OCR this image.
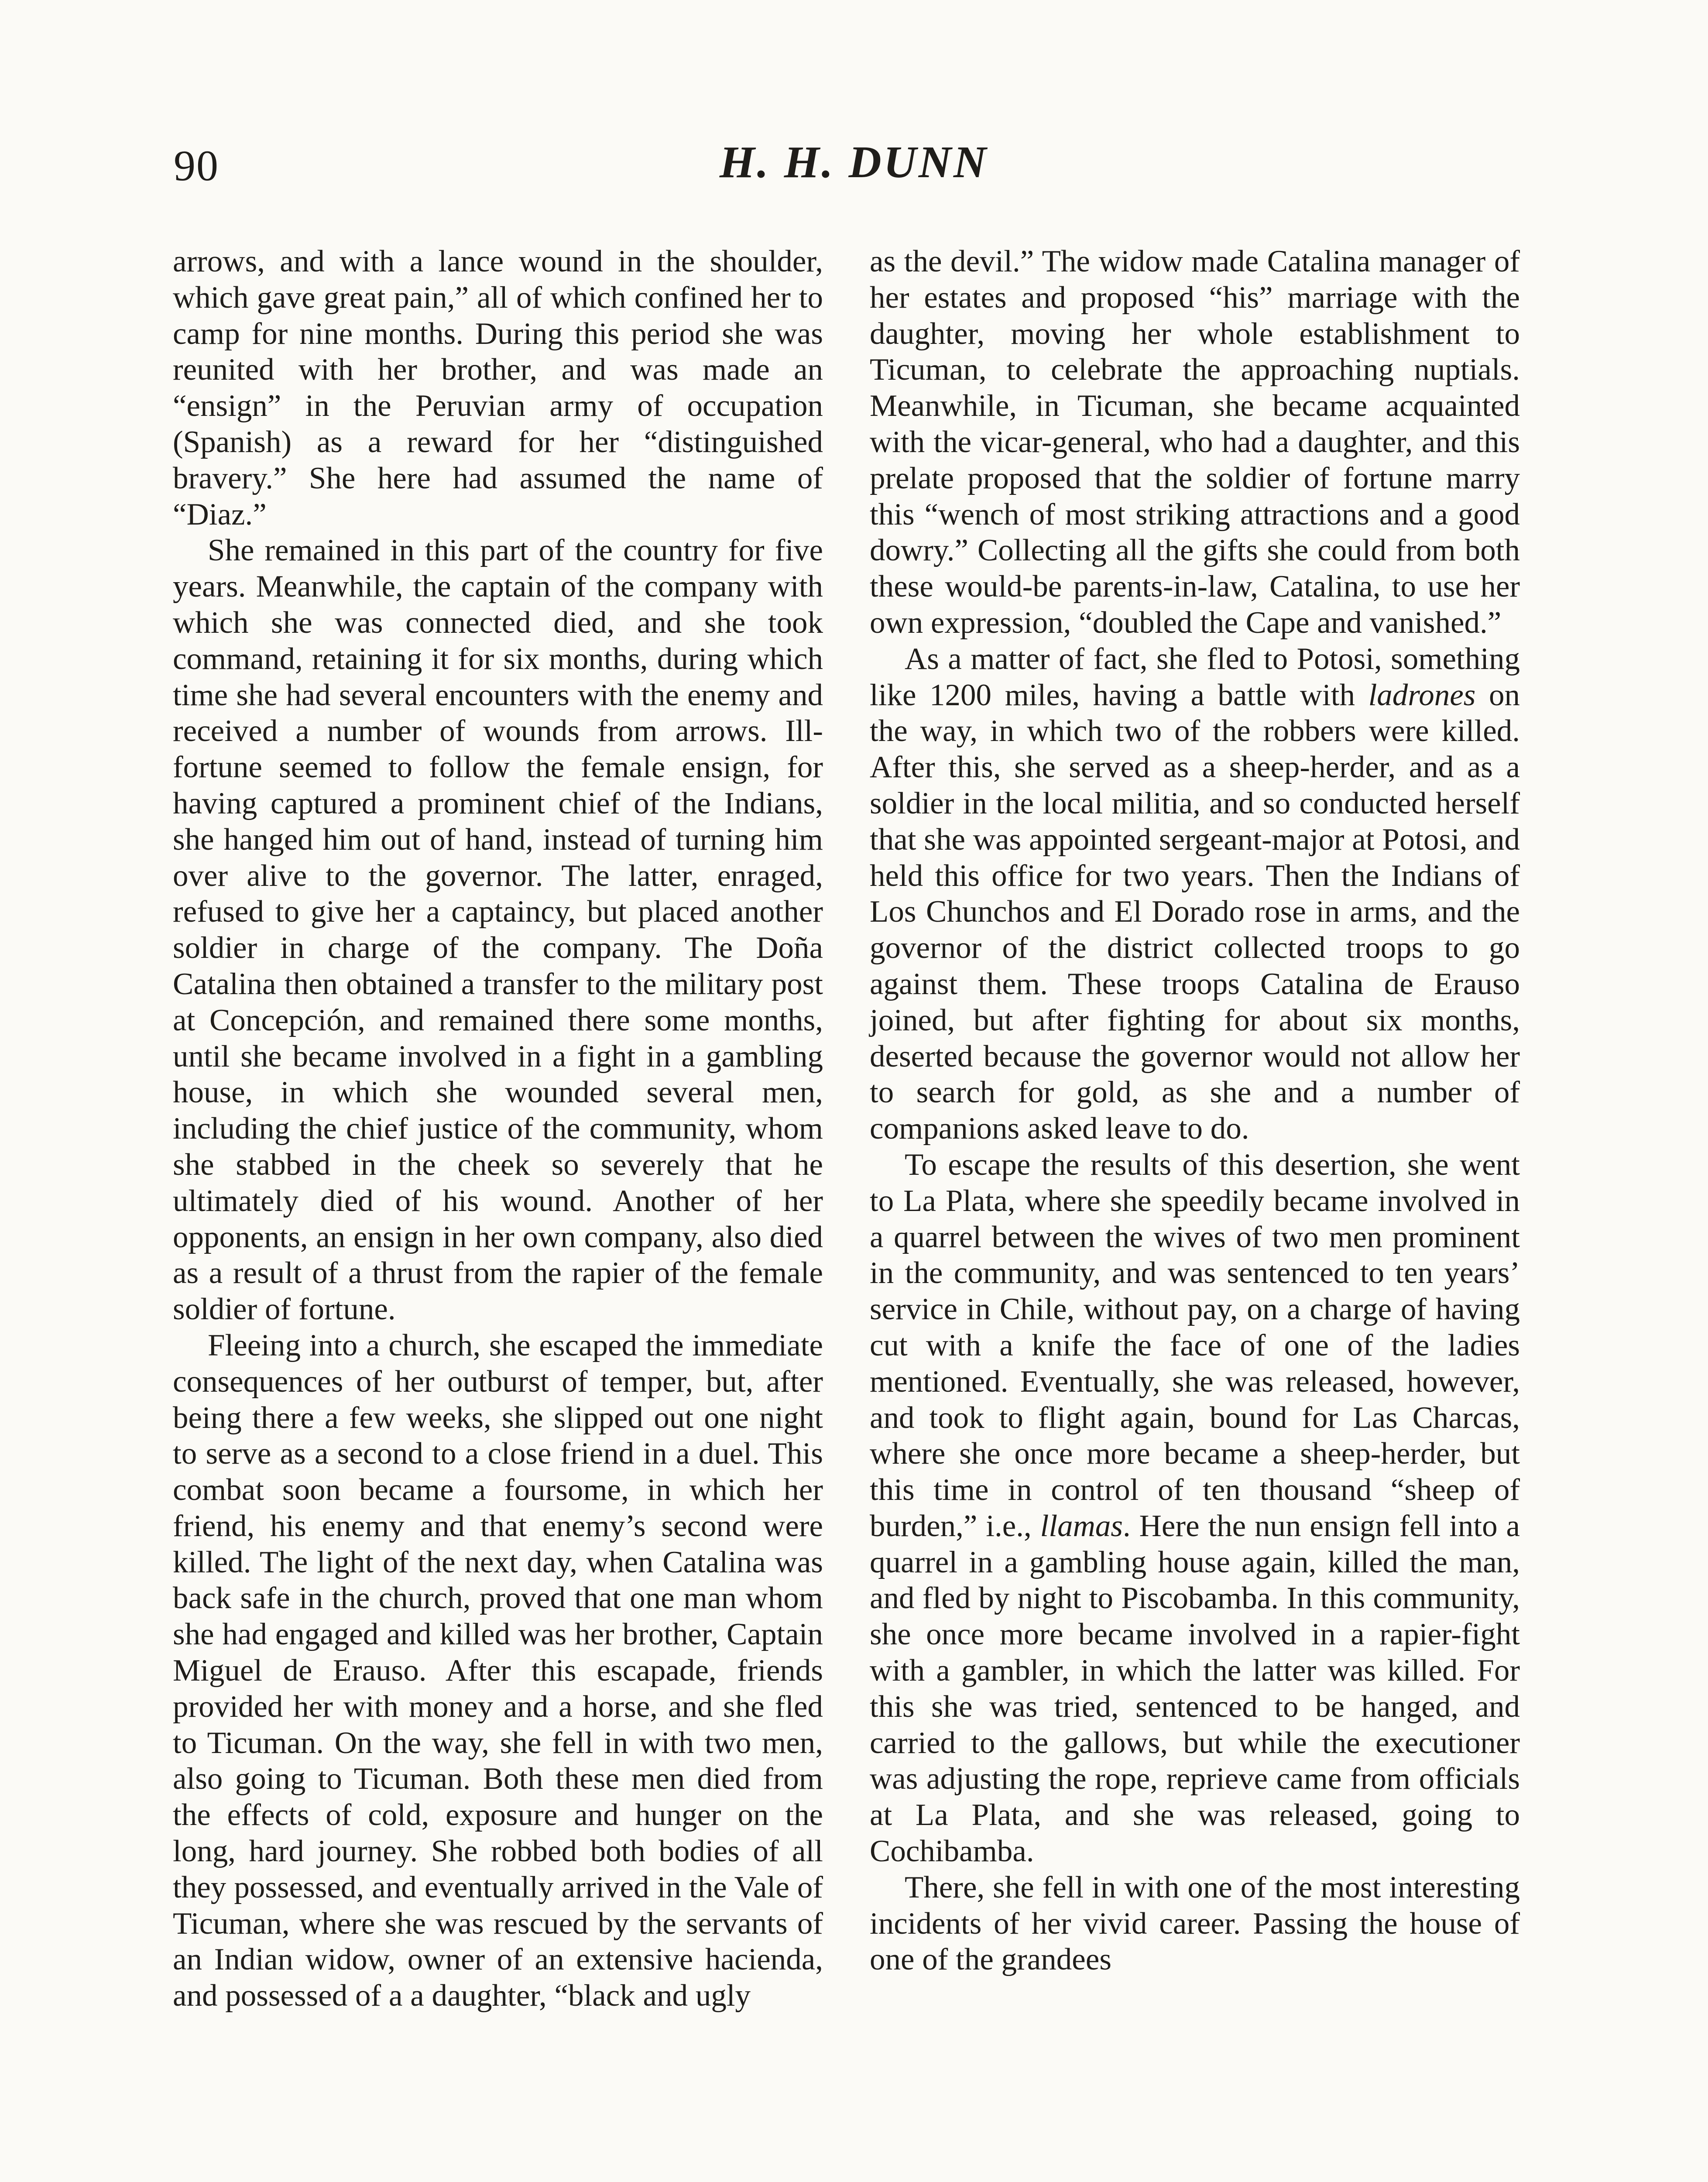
90	H. H. DUNN

arrows, and with a lance wound in the shoulder, which gave great pain,” all of which confined her to camp for nine months. During this period she was reunited with her brother, and was made an “ensign” in the Peruvian army of occupation (Spanish) as a reward for her “distinguished bravery.” She here had assumed the name of “Diaz.”

She remained in this part of the country for five years. Meanwhile, the captain of the company with which she was connected died, and she took command, retaining it for six months, during which time she had several encounters with the enemy and received a number of wounds from arrows. Ill-fortune seemed to follow the female ensign, for having captured a prominent chief of the Indians, she hanged him out of hand, instead of turning him over alive to the governor. The latter, enraged, refused to give her a captaincy, but placed another soldier in charge of the company. The Doña Catalina then obtained a transfer to the military post at Concepción, and remained there some months, until she became involved in a fight in a gambling house, in which she wounded several men, including the chief justice of the community, whom she stabbed in the cheek so severely that he ultimately died of his wound. Another of her opponents, an ensign in her own company, also died as a result of a thrust from the rapier of the female soldier of fortune.

Fleeing into a church, she escaped the immediate consequences of her outburst of temper, but, after being there a few weeks, she slipped out one night to serve as a second to a close friend in a duel. This combat soon became a foursome, in which her friend, his enemy and that enemy’s second were killed. The light of the next day, when Catalina was back safe in the church, proved that one man whom she had engaged and killed was her brother, Captain Miguel de Erauso. After this escapade, friends provided her with money and a horse, and she fled to Ticuman. On the way, she fell in with two men, also going to Ticuman. Both these men died from the effects of cold, exposure and hunger on the long, hard journey. She robbed both bodies of all they possessed, and eventually arrived in the Vale of Ticuman, where she was rescued by the servants of an Indian widow, owner of an extensive hacienda, and possessed of a a daughter, “black and ugly

as the devil.” The widow made Catalina manager of her estates and proposed “his” marriage with the daughter, moving her whole establishment to Ticuman, to celebrate the approaching nuptials. Meanwhile, in Ticuman, she became acquainted with the vicar-general, who had a daughter, and this prelate proposed that the soldier of fortune marry this “wench of most striking attractions and a good dowry.” Collecting all the gifts she could from both these would-be parents-in-law, Catalina, to use her own expression, “doubled the Cape and vanished.”

As a matter of fact, she fled to Potosi, something like 1200 miles, having a battle with ladrones on the way, in which two of the robbers were killed. After this, she served as a sheep-herder, and as a soldier in the local militia, and so conducted herself that she was appointed sergeant-major at Potosi, and held this office for two years. Then the Indians of Los Chunchos and El Dorado rose in arms, and the governor of the district collected troops to go against them. These troops Catalina de Erauso joined, but after fighting for about six months, deserted because the governor would not allow her to search for gold, as she and a number of companions asked leave to do.

To escape the results of this desertion, she went to La Plata, where she speedily became involved in a quarrel between the wives of two men prominent in the community, and was sentenced to ten years’ service in Chile, without pay, on a charge of having cut with a knife the face of one of the ladies mentioned. Eventually, she was released, however, and took to flight again, bound for Las Charcas, where she once more became a sheep-herder, but this time in control of ten thousand “sheep of burden,” i.e., llamas. Here the nun ensign fell into a quarrel in a gambling house again, killed the man, and fled by night to Piscobamba. In this community, she once more became involved in a rapier-fight with a gambler, in which the latter was killed. For this she was tried, sentenced to be hanged, and carried to the gallows, but while the executioner was adjusting the rope, reprieve came from officials at La Plata, and she was released, going to Cochibamba.

There, she fell in with one of the most interesting incidents of her vivid career. Passing the house of one of the grandees
